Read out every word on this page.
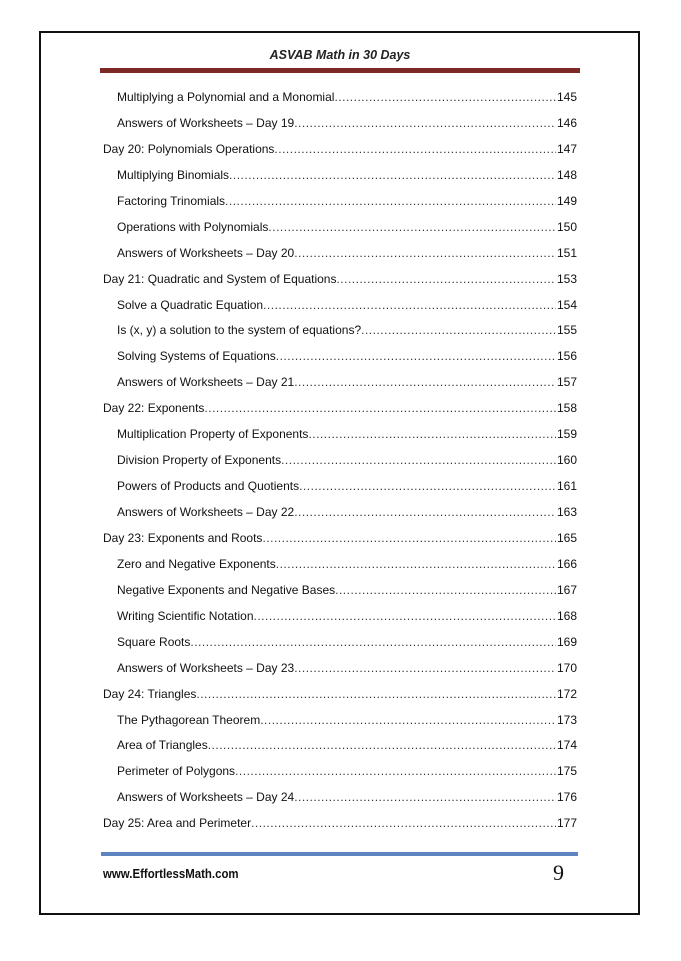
ASVAB Math in 30 Days
Multiplying a Polynomial and a Monomial .....	145
Answers of Worksheets – Day 19 .....	146
Day 20: Polynomials Operations .....	147
Multiplying Binomials .....	148
Factoring Trinomials .....	149
Operations with Polynomials .....	150
Answers of Worksheets – Day 20 .....	151
Day 21: Quadratic and System of Equations .....	153
Solve a Quadratic Equation .....	154
Is (x, y) a solution to the system of equations? .....	155
Solving Systems of Equations .....	156
Answers of Worksheets – Day 21 .....	157
Day 22: Exponents .....	158
Multiplication Property of Exponents .....	159
Division Property of Exponents .....	160
Powers of Products and Quotients .....	161
Answers of Worksheets – Day 22 .....	163
Day 23: Exponents and Roots .....	165
Zero and Negative Exponents .....	166
Negative Exponents and Negative Bases .....	167
Writing Scientific Notation .....	168
Square Roots .....	169
Answers of Worksheets – Day 23 .....	170
Day 24: Triangles .....	172
The Pythagorean Theorem .....	173
Area of Triangles .....	174
Perimeter of Polygons .....	175
Answers of Worksheets – Day 24 .....	176
Day 25: Area and Perimeter .....	177
www.EffortlessMath.com	9
